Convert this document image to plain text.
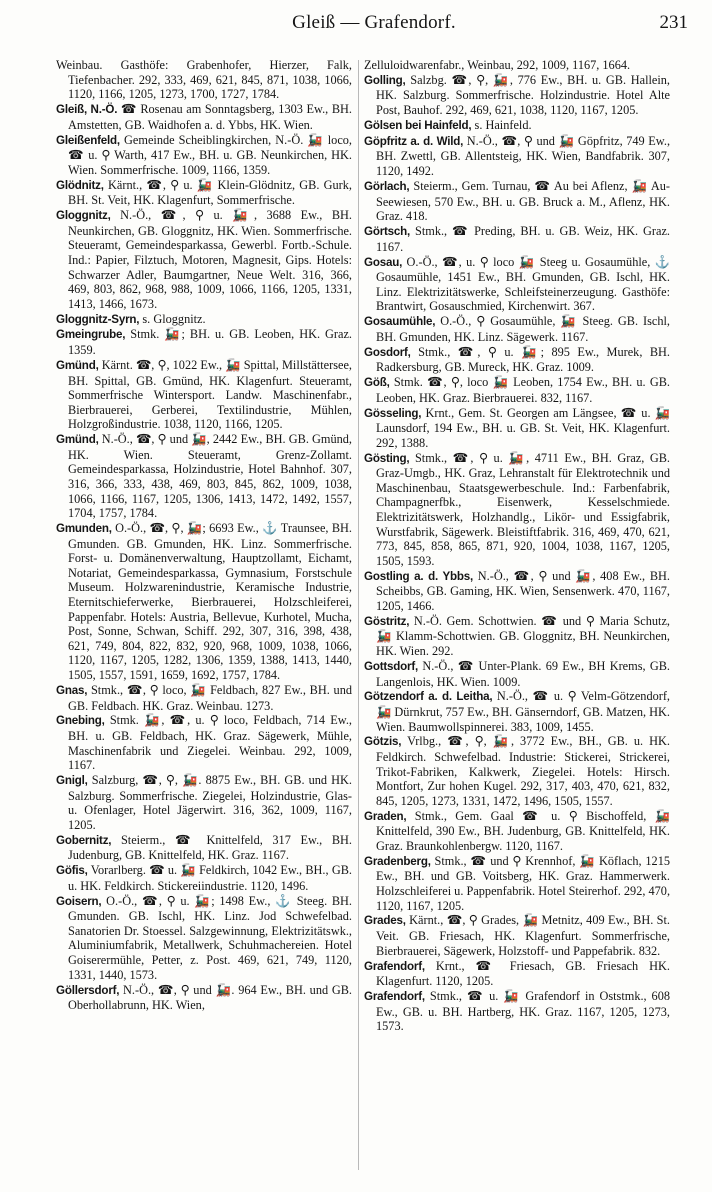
Gleiß — Grafendorf.	231
Weinbau. Gasthöfe: Grabenhofer, Hierzer, Falk, Tiefenbacher. 292, 333, 469, 621, 845, 871, 1038, 1066, 1120, 1166, 1205, 1273, 1700, 1727, 1784.
Gleiß, N.-Ö. ☎ Rosenau am Sonntagsberg, 1303 Ew., BH. Amstetten, GB. Waidhofen a. d. Ybbs, HK. Wien.
Gleißenfeld, Gemeinde Scheiblingkirchen, N.-Ö. 🚂 loco, ☎ u. ⚲ Warth, 417 Ew., BH. u. GB. Neunkirchen, HK. Wien. Sommerfrische. 1009, 1166, 1359.
Glödnitz, Kärnt., ☎, ⚲ u. 🚂 Klein-Glödnitz, GB. Gurk, BH. St. Veit, HK. Klagenfurt, Sommerfrische.
Gloggnitz, N.-Ö., ☎, ⚲ u. 🚂, 3688 Ew., BH. Neunkirchen, GB. Gloggnitz, HK. Wien. Sommerfrische. Steueramt, Gemeindesparkassa, Gewerbl. Fortb.-Schule. Ind.: Papier, Filztuch, Motoren, Magnesit, Gips. Hotels: Schwarzer Adler, Baumgartner, Neue Welt. 316, 366, 469, 803, 862, 968, 988, 1009, 1066, 1166, 1205, 1331, 1413, 1466, 1673.
Gloggnitz-Syrn, s. Gloggnitz.
Gmeingrube, Stmk. 🚂; BH. u. GB. Leoben, HK. Graz. 1359.
Gmünd, Kärnt. ☎, ⚲, 1022 Ew., 🚂 Spittal, Millstättersee, BH. Spittal, GB. Gmünd, HK. Klagenfurt. Steueramt, Sommerfrische Wintersport. Landw. Maschinenfabr., Bierbrauerei, Gerberei, Textilindustrie, Mühlen, Holzgroßindustrie. 1038, 1120, 1166, 1205.
Gmünd, N.-Ö., ☎, ⚲ und 🚂, 2442 Ew., BH. GB. Gmünd, HK. Wien. Steueramt, Grenz-Zollamt. Gemeindesparkassa, Holzindustrie, Hotel Bahnhof. 307, 316, 366, 333, 438, 469, 803, 845, 862, 1009, 1038, 1066, 1166, 1167, 1205, 1306, 1413, 1472, 1492, 1557, 1704, 1757, 1784.
Gmunden, O.-Ö., ☎, ⚲, 🚂; 6693 Ew., ⚓ Traunsee, BH. Gmunden. GB. Gmunden, HK. Linz. Sommerfrische. Forst- u. Domänenverwaltung, Hauptzollamt, Eichamt, Notariat, Gemeindesparkassa, Gymnasium, Forstschule Museum. Holzwarenindustrie, Keramische Industrie, Eternitschieferwerke, Bierbrauerei, Holzschleiferei, Pappenfabr. Hotels: Austria, Bellevue, Kurhotel, Mucha, Post, Sonne, Schwan, Schiff. 292, 307, 316, 398, 438, 621, 749, 804, 822, 832, 920, 968, 1009, 1038, 1066, 1120, 1167, 1205, 1282, 1306, 1359, 1388, 1413, 1440, 1505, 1557, 1591, 1659, 1692, 1757, 1784.
Gnas, Stmk., ☎, ⚲ loco, 🚂 Feldbach, 827 Ew., BH. und GB. Feldbach. HK. Graz. Weinbau. 1273.
Gnebing, Stmk. 🚂, ☎, u. ⚲ loco, Feldbach, 714 Ew., BH. u. GB. Feldbach, HK. Graz. Sägewerk, Mühle, Maschinenfabrik und Ziegelei. Weinbau. 292, 1009, 1167.
Gnigl, Salzburg, ☎, ⚲, 🚂. 8875 Ew., BH. GB. und HK. Salzburg. Sommerfrische. Ziegelei, Holzindustrie, Glas- u. Ofenlager, Hotel Jägerwirt. 316, 362, 1009, 1167, 1205.
Gobernitz, Steierm., ☎ Knittelfeld, 317 Ew., BH. Judenburg, GB. Knittelfeld, HK. Graz. 1167.
Göfis, Vorarlberg. ☎ u. 🚂 Feldkirch, 1042 Ew., BH., GB. u. HK. Feldkirch. Stickereiindustrie. 1120, 1496.
Goisern, O.-Ö., ☎, ⚲ u. 🚂; 1498 Ew., ⚓ Steeg. BH. Gmunden. GB. Ischl, HK. Linz. Jod Schwefelbad. Sanatorien Dr. Stoessel. Salzgewinnung, Elektrizitätswk., Aluminiumfabrik, Metallwerk, Schuhmachereien. Hotel Goiserermühle, Petter, z. Post. 469, 621, 749, 1120, 1331, 1440, 1573.
Göllersdorf, N.-Ö., ☎, ⚲ und 🚂. 964 Ew., BH. und GB. Oberhollabrunn, HK. Wien,
Zelluloidwarenfabr., Weinbau, 292, 1009, 1167, 1664.
Golling, Salzbg. ☎, ⚲, 🚂, 776 Ew., BH. u. GB. Hallein, HK. Salzburg. Sommerfrische. Holzindustrie. Hotel Alte Post, Bauhof. 292, 469, 621, 1038, 1120, 1167, 1205.
Gölsen bei Hainfeld, s. Hainfeld.
Göpfritz a. d. Wild, N.-Ö., ☎, ⚲ und 🚂 Göpfritz, 749 Ew., BH. Zwettl, GB. Allentsteig, HK. Wien, Bandfabrik. 307, 1120, 1492.
Görlach, Steierm., Gem. Turnau, ☎ Au bei Aflenz, 🚂 Au-Seewiesen, 570 Ew., BH. u. GB. Bruck a. M., Aflenz, HK. Graz. 418.
Görtsch, Stmk., ☎ Preding, BH. u. GB. Weiz, HK. Graz. 1167.
Gosau, O.-Ö., ☎, u. ⚲ loco 🚂 Steeg u. Gosaumühle, ⚓ Gosaumühle, 1451 Ew., BH. Gmunden, GB. Ischl, HK. Linz. Elektrizitätswerke, Schleifsteinerzeugung. Gasthöfe: Brantwirt, Gosauschmied, Kirchenwirt. 367.
Gosaumühle, O.-Ö., ⚲ Gosaumühle, 🚂 Steeg. GB. Ischl, BH. Gmunden, HK. Linz. Sägewerk. 1167.
Gosdorf, Stmk., ☎, ⚲ u. 🚂; 895 Ew., Murek, BH. Radkersburg, GB. Mureck, HK. Graz. 1009.
Göß, Stmk. ☎, ⚲, loco 🚂 Leoben, 1754 Ew., BH. u. GB. Leoben, HK. Graz. Bierbrauerei. 832, 1167.
Gösseling, Krnt., Gem. St. Georgen am Längsee, ☎ u. 🚂 Launsdorf, 194 Ew., BH. u. GB. St. Veit, HK. Klagenfurt. 292, 1388.
Gösting, Stmk., ☎, ⚲ u. 🚂, 4711 Ew., BH. Graz, GB. Graz-Umgb., HK. Graz, Lehranstalt für Elektrotechnik und Maschinenbau, Staatsgewerbeschule. Ind.: Farbenfabrik, Champagnerfbk., Eisenwerk, Kesselschmiede. Elektrizitätswerk, Holzhandlg., Likör- und Essigfabrik, Wurstfabrik, Sägewerk. Bleistiftfabrik. 316, 469, 470, 621, 773, 845, 858, 865, 871, 920, 1004, 1038, 1167, 1205, 1505, 1593.
Gostling a. d. Ybbs, N.-Ö., ☎, ⚲ und 🚂, 408 Ew., BH. Scheibbs, GB. Gaming, HK. Wien, Sensenwerk. 470, 1167, 1205, 1466.
Göstritz, N.-Ö. Gem. Schottwien. ☎ und ⚲ Maria Schutz, 🚂 Klamm-Schottwien. GB. Gloggnitz, BH. Neunkirchen, HK. Wien. 292.
Gottsdorf, N.-Ö., ☎ Unter-Plank. 69 Ew., BH Krems, GB. Langenlois, HK. Wien. 1009.
Götzendorf a. d. Leitha, N.-Ö., ☎ u. ⚲ Velm-Götzendorf, 🚂 Dürnkrut, 757 Ew., BH. Gänserndorf, GB. Matzen, HK. Wien. Baumwollspinnerei. 383, 1009, 1455.
Götzis, Vrlbg., ☎, ⚲, 🚂, 3772 Ew., BH., GB. u. HK. Feldkirch. Schwefelbad. Industrie: Stickerei, Strickerei, Trikot-Fabriken, Kalkwerk, Ziegelei. Hotels: Hirsch. Montfort, Zur hohen Kugel. 292, 317, 403, 470, 621, 832, 845, 1205, 1273, 1331, 1472, 1496, 1505, 1557.
Graden, Stmk., Gem. Gaal ☎ u. ⚲ Bischoffeld, 🚂 Knittelfeld, 390 Ew., BH. Judenburg, GB. Knittelfeld, HK. Graz. Braunkohlenbergw. 1120, 1167.
Gradenberg, Stmk., ☎ und ⚲ Krennhof, 🚂 Köflach, 1215 Ew., BH. und GB. Voitsberg, HK. Graz. Hammerwerk. Holzschleiferei u. Pappenfabrik. Hotel Steirerhof. 292, 470, 1120, 1167, 1205.
Grades, Kärnt., ☎, ⚲ Grades, 🚂 Metnitz, 409 Ew., BH. St. Veit. GB. Friesach, HK. Klagenfurt. Sommerfrische, Bierbrauerei, Sägewerk, Holzstoff- und Pappefabrik. 832.
Grafendorf, Krnt., ☎ Friesach, GB. Friesach HK. Klagenfurt. 1120, 1205.
Grafendorf, Stmk., ☎ u. 🚂 Grafendorf in Oststmk., 608 Ew., GB. u. BH. Hartberg, HK. Graz. 1167, 1205, 1273, 1573.
